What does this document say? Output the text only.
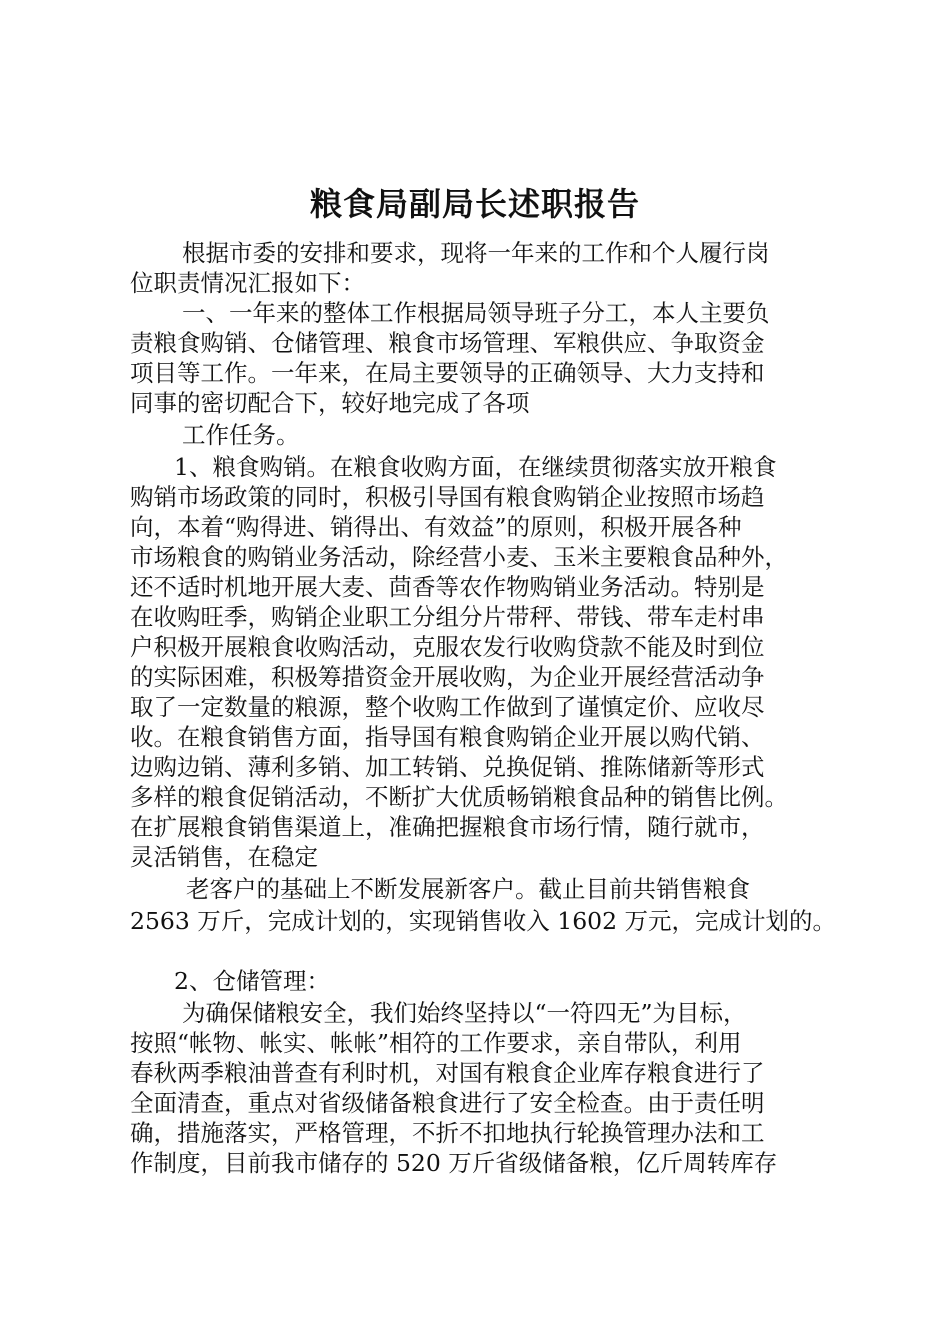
粮食局副局长述职报告
根据市委的安排和要求，现将一年来的工作和个人履行岗
位职责情况汇报如下：
一、一年来的整体工作根据局领导班子分工，本人主要负
责粮食购销、仓储管理、粮食市场管理、军粮供应、争取资金
项目等工作。一年来，在局主要领导的正确领导、大力支持和
同事的密切配合下，较好地完成了各项
工作任务。
1、粮食购销。在粮食收购方面，在继续贯彻落实放开粮食
购销市场政策的同时，积极引导国有粮食购销企业按照市场趋
向，本着“购得进、销得出、有效益”的原则，积极开展各种
市场粮食的购销业务活动，除经营小麦、玉米主要粮食品种外，
还不适时机地开展大麦、茴香等农作物购销业务活动。特别是
在收购旺季，购销企业职工分组分片带秤、带钱、带车走村串
户积极开展粮食收购活动，克服农发行收购贷款不能及时到位
的实际困难，积极筹措资金开展收购，为企业开展经营活动争
取了一定数量的粮源，整个收购工作做到了谨慎定价、应收尽
收。在粮食销售方面，指导国有粮食购销企业开展以购代销、
边购边销、薄利多销、加工转销、兑换促销、推陈储新等形式
多样的粮食促销活动，不断扩大优质畅销粮食品种的销售比例。
在扩展粮食销售渠道上，准确把握粮食市场行情，随行就市，
灵活销售，在稳定
老客户的基础上不断发展新客户。截止目前共销售粮食
2563 万斤，完成计划的，实现销售收入 1602 万元，完成计划的。
2、仓储管理：
为确保储粮安全，我们始终坚持以“一符四无”为目标，
按照“帐物、帐实、帐帐”相符的工作要求，亲自带队，利用
春秋两季粮油普查有利时机，对国有粮食企业库存粮食进行了
全面清查，重点对省级储备粮食进行了安全检查。由于责任明
确，措施落实，严格管理，不折不扣地执行轮换管理办法和工
作制度，目前我市储存的 520 万斤省级储备粮，亿斤周转库存
